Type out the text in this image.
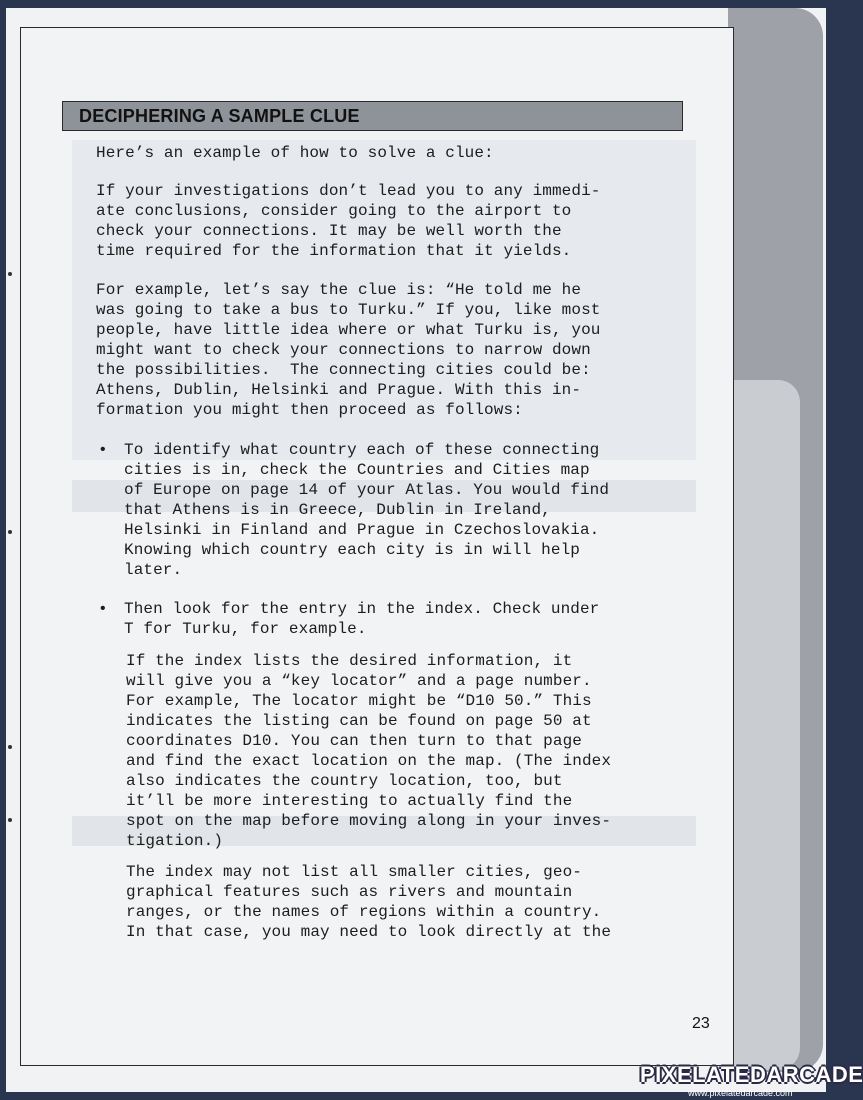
DECIPHERING A SAMPLE CLUE
Here’s an example of how to solve a clue:
If your investigations don’t lead you to any immedi-
ate conclusions, consider going to the airport to
check your connections. It may be well worth the
time required for the information that it yields.
For example, let’s say the clue is: “He told me he
was going to take a bus to Turku.” If you, like most
people, have little idea where or what Turku is, you
might want to check your connections to narrow down
the possibilities.  The connecting cities could be:
Athens, Dublin, Helsinki and Prague. With this in-
formation you might then proceed as follows:
• To identify what country each of these connecting
cities is in, check the Countries and Cities map
of Europe on page 14 of your Atlas. You would find
that Athens is in Greece, Dublin in Ireland,
Helsinki in Finland and Prague in Czechoslovakia.
Knowing which country each city is in will help
later.
• Then look for the entry in the index. Check under
T for Turku, for example.
If the index lists the desired information, it
will give you a “key locator” and a page number.
For example, The locator might be “D10 50.” This
indicates the listing can be found on page 50 at
coordinates D10. You can then turn to that page
and find the exact location on the map. (The index
also indicates the country location, too, but
it’ll be more interesting to actually find the
spot on the map before moving along in your inves-
tigation.)
The index may not list all smaller cities, geo-
graphical features such as rivers and mountain
ranges, or the names of regions within a country.
In that case, you may need to look directly at the
23
PIXELATEDARCADE
www.pixelatedarcade.com
